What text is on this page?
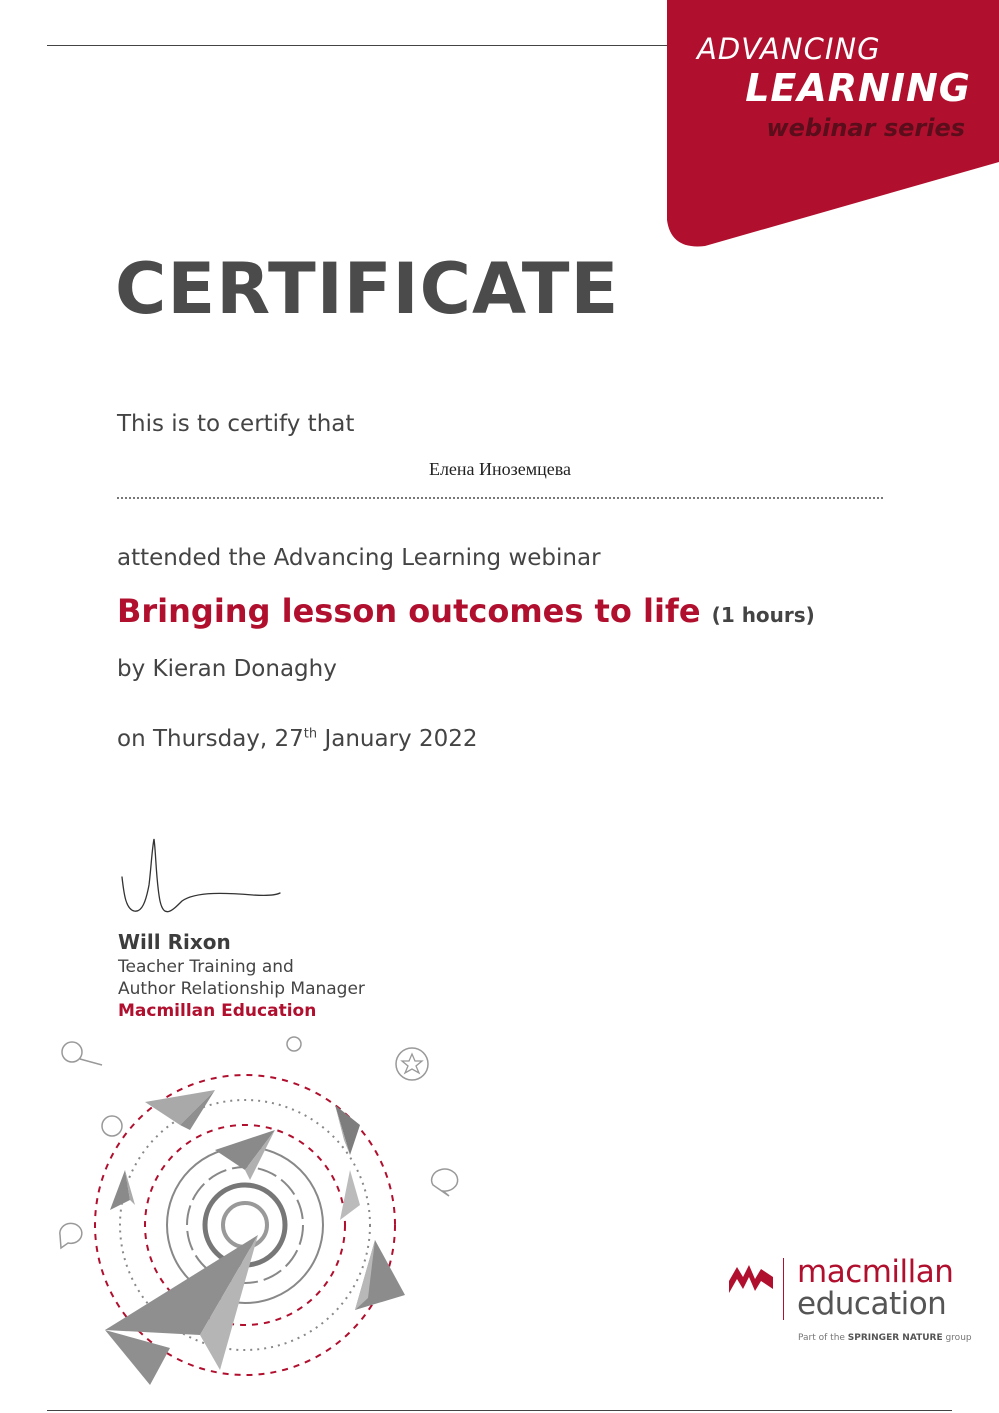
ADVANCING
LEARNING
webinar series
CERTIFICATE
This is to certify that
Елена Иноземцева
attended the Advancing Learning webinar
Bringing lesson outcomes to life (1 hours)
by Kieran Donaghy
on Thursday, 27th January 2022
Will Rixon
Teacher Training and
Author Relationship Manager
Macmillan Education
macmillan
education
Part of the SPRINGER NATURE group
